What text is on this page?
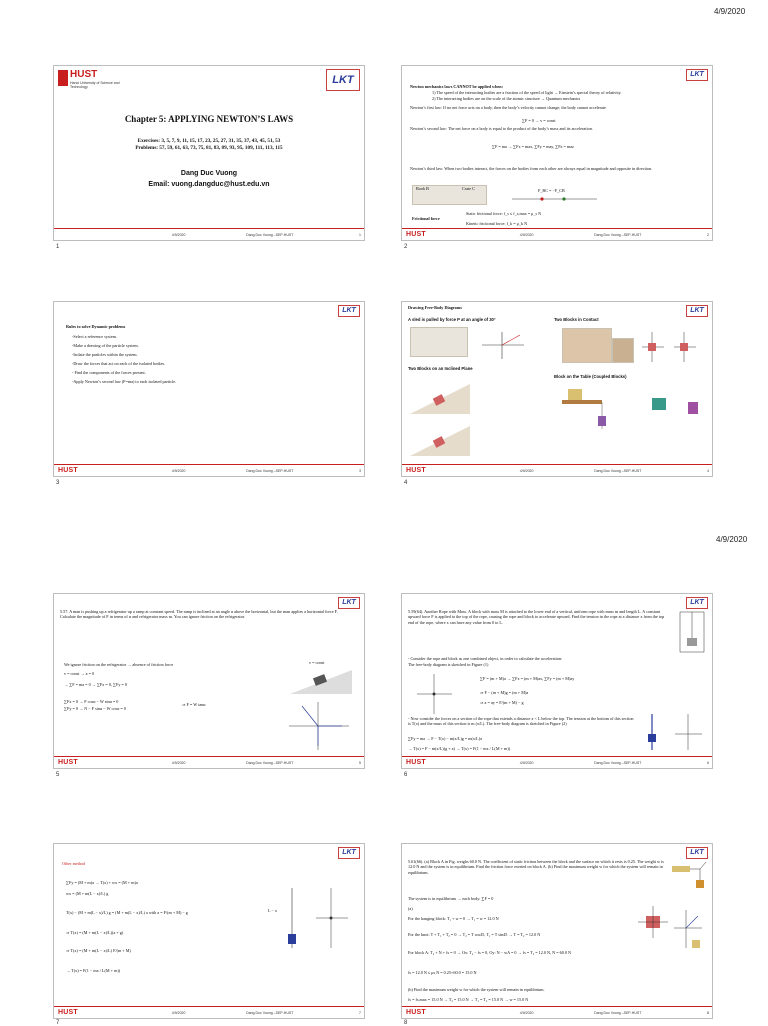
4/9/2020
4/9/2020
HUST
Hanoi University of Science and Technology
LKT
Chapter 5: APPLYING NEWTON’S LAWS
Exercises: 3, 5, 7, 9, 11, 15, 17, 23, 25, 27, 31, 35, 37, 43, 45, 51, 53
Problems: 57, 59, 61, 63, 73, 75, 81, 83, 89, 93, 95, 109, 111, 113, 115
Dang Duc Vuong
Email: vuong.dangduc@hust.edu.vn
4/9/2020	Dang Duc Vuong –SEP-HUST	1
1
LKT
Newton mechanics laws CANNOT be applied when:
1) The speed of the interacting bodies are a fraction of the speed of light → Einstein’s special theory of relativity.
2) The interacting bodies are on the scale of the atomic structure → Quantum mechanics
Newton’s first law: If no net force acts on a body, then the body’s velocity cannot change; the body cannot accelerate
∑F = 0 → v = const
Newton’s second law: The net force on a body is equal to the product of the body’s mass and its acceleration.
∑F = ma → ∑Fx = max, ∑Fy = may, ∑Fz = maz
Newton’s third law: When two bodies interact, the forces on the bodies from each other are always equal in magnitude and opposite in direction.
Book B	Crate C	F_BC = −F_CB
Frictional force
Static frictional force: f_s ≤ f_s,max = μ_s N
Kinetic frictional force: f_k = μ_k N
HUST	4/9/2020	Dang Duc Vuong –SEP-HUST	2
2
LKT
Rules to solve Dynamic problems
-Select a reference system.
-Make a drawing of the particle system.
-Isolate the particles within the system.
-Draw the forces that act on each of the isolated bodies.
- Find the components of the forces present.
-Apply Newton’s second law (F=ma) to each isolated particle.
HUST	4/9/2020	Dang Duc Vuong –SEP-HUST	3
3
LKT
Drawing Free-Body Diagrams
A sled is pulled by force P at an angle of 30°	Two Blocks in Contact
Two Blocks on an Inclined Plane
Block on the Table (Coupled Blocks)
HUST	4/9/2020	Dang Duc Vuong –SEP-HUST	4
4
LKT
5.57. A man is pushing up a refrigerator up a ramp at constant speed. The ramp is inclined at an angle α above the horizontal, but the man applies a horizontal force F. Calculate the magnitude of F in terms of α and refrigerator mass m. You can ignore friction on the refrigerator.
We ignore friction on the refrigerator → absence of friction force
v = const → a = 0
→ ∑F = ma = 0 → ∑Fx = 0, ∑Fy = 0
∑Fx = 0 → F cosα − W sinα = 0
∑Fy = 0 → N − F sinα − W cosα = 0
⇒ F = W tanα
v = const
HUST	4/9/2020	Dang Duc Vuong –SEP-HUST	5
5
LKT
5.59(64). Another Rope with Mass. A block with mass M is attached to the lower end of a vertical, uniform rope with mass m and length L. A constant upward force F is applied to the top of the rope, causing the rope and block to accelerate upward. Find the tension in the rope at a distance x from the top end of the rope, where x can have any value from 0 to L.
- Consider the rope and block as one combined object, in order to calculate the acceleration:
The free-body diagram is sketched in Figure (1)
∑F = (m + M)a → ∑Fx = (m + M)ax, ∑Fy = (m + M)ay
⇒ F − (m + M)g = (m + M)a
⇒ a = ay = F/(m + M) − g
- Now consider the forces on a section of the rope that extends a distance x < L below the top. The tension at the bottom of this section is T(x) and the mass of this section is m (x/L). The free-body diagram is sketched in Figure (2)
∑Fy = ma → F − T(x) − m(x/L)g = m(x/L)a
→ T(x) = F − m(x/L)(g + a) → T(x) = F(1 − mx / L(M + m))
HUST	4/9/2020	Dang Duc Vuong –SEP-HUST	6
6
LKT
Other method
∑Fy = (M + m)a → T(x) + wx = (M + m)a
wx = (M + m(L − x)/L) g
T(x) − (M + m(L − x)/L) g = (M + m(L − x)/L) a with a = F/(m + M) − g
⇒ T(x) = (M + m(L − x)/L)(a + g)
⇒ T(x) = (M + m(L − x)/L) F/(m + M)
→ T(x) = F(1 − mx / L(M + m))
L − x
HUST	4/9/2020	Dang Duc Vuong –SEP-HUST	7
7
LKT
5.61(66). (a) Block A in Fig. weighs 60.0 N. The coefficient of static friction between the block and the surface on which it rests is 0.25. The weight w is 12.0 N and the system is in equilibrium. Find the friction force exerted on block A. (b) Find the maximum weight w for which the system will remain in equilibrium.
The system is in equilibrium → each body: ∑F = 0
(a)
For the hanging block: T₁ + w = 0 → T₁ = w = 12.0 N
For the knot: T + T₁ + T₂ = 0 → T₂ = T cos45, T₁ = T sin45 → T = T₂ = 12.0 N
For block A: T₂ + N + fs = 0 → Ox: T₂ − fs = 0, Oy: N − wA = 0 → fs = T₂ = 12.0 N, N = 60.0 N
fs = 12.0 N ≤ μs N = 0.25×60.0 = 15.0 N
(b) Find the maximum weight w for which the system will remain in equilibrium.
fs = fs,max = 15.0 N → T₂ = 15.0 N → T₁ = T₂ = 15.0 N → w = 15.0 N
HUST	4/9/2020	Dang Duc Vuong –SEP-HUST	8
8
